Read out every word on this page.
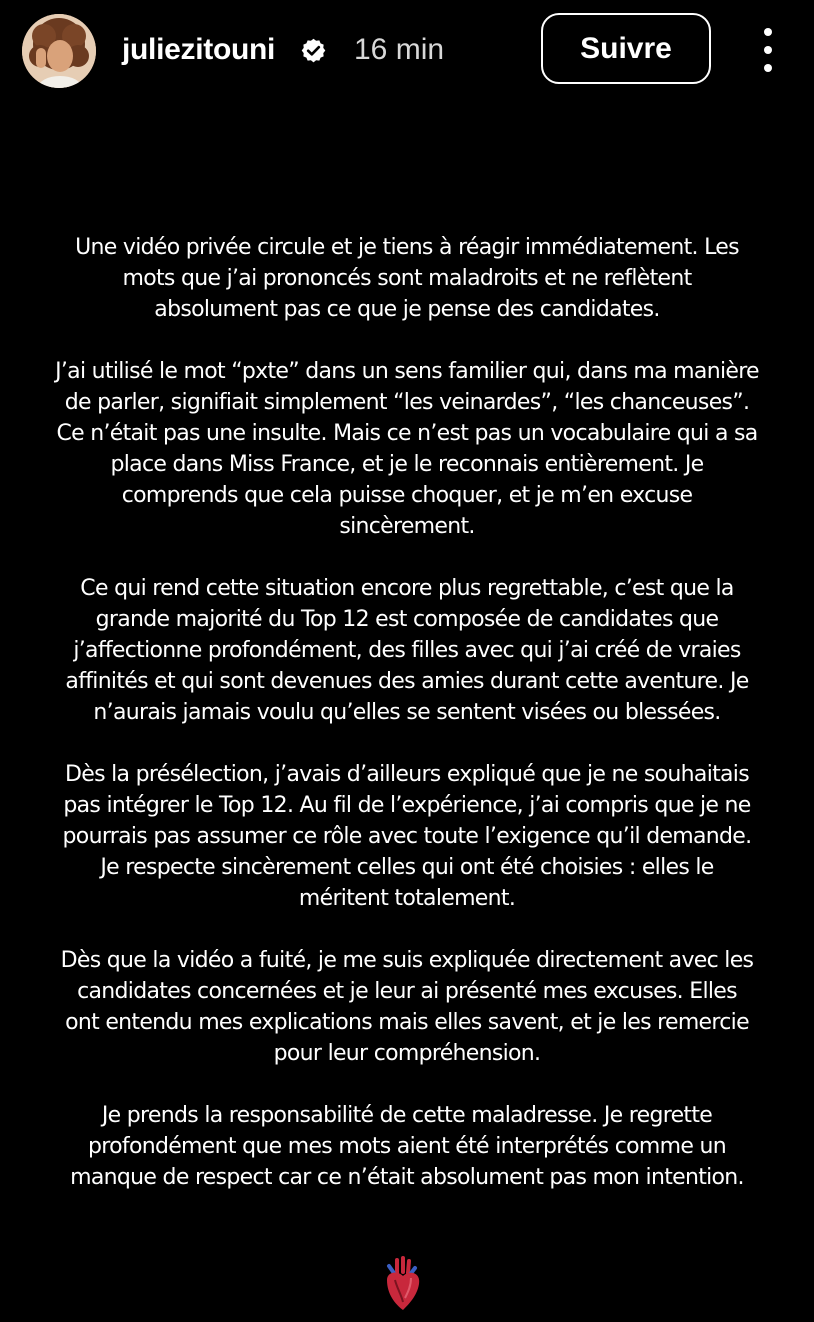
juliezitouni	16 min	Suivre

Une vidéo privée circule et je tiens à réagir immédiatement. Les
mots que j’ai prononcés sont maladroits et ne reflètent
absolument pas ce que je pense des candidates.

J’ai utilisé le mot “pxte” dans un sens familier qui, dans ma manière
de parler, signifiait simplement “les veinardes”, “les chanceuses”.
Ce n’était pas une insulte. Mais ce n’est pas un vocabulaire qui a sa
place dans Miss France, et je le reconnais entièrement. Je
comprends que cela puisse choquer, et je m’en excuse
sincèrement.

Ce qui rend cette situation encore plus regrettable, c’est que la
grande majorité du Top 12 est composée de candidates que
j’affectionne profondément, des filles avec qui j’ai créé de vraies
affinités et qui sont devenues des amies durant cette aventure. Je
n’aurais jamais voulu qu’elles se sentent visées ou blessées.

Dès la présélection, j’avais d’ailleurs expliqué que je ne souhaitais
pas intégrer le Top 12. Au fil de l’expérience, j’ai compris que je ne
pourrais pas assumer ce rôle avec toute l’exigence qu’il demande.
Je respecte sincèrement celles qui ont été choisies : elles le
méritent totalement.

Dès que la vidéo a fuité, je me suis expliquée directement avec les
candidates concernées et je leur ai présenté mes excuses. Elles
ont entendu mes explications mais elles savent, et je les remercie
pour leur compréhension.

Je prends la responsabilité de cette maladresse. Je regrette
profondément que mes mots aient été interprétés comme un
manque de respect car ce n’était absolument pas mon intention.
